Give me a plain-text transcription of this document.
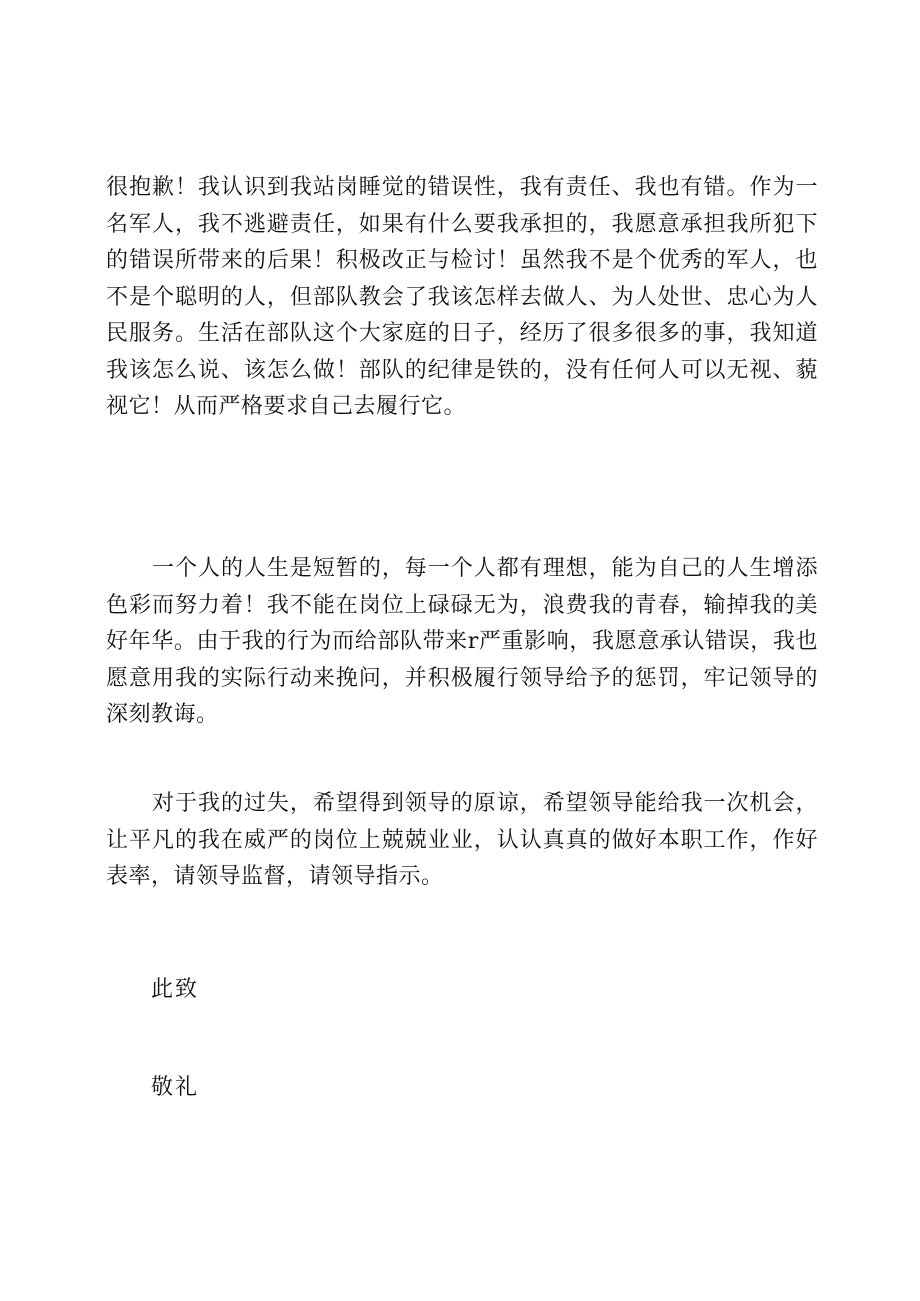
很抱歉！我认识到我站岗睡觉的错误性，我有责任、我也有错。作为一名军人，我不逃避责任，如果有什么要我承担的，我愿意承担我所犯下的错误所带来的后果！积极改正与检讨！虽然我不是个优秀的军人，也不是个聪明的人，但部队教会了我该怎样去做人、为人处世、忠心为人民服务。生活在部队这个大家庭的日子，经历了很多很多的事，我知道我该怎么说、该怎么做！部队的纪律是铁的，没有任何人可以无视、藐视它！从而严格要求自己去履行它。

一个人的人生是短暂的，每一个人都有理想，能为自己的人生增添色彩而努力着！我不能在岗位上碌碌无为，浪费我的青春，输掉我的美好年华。由于我的行为而给部队带来r严重影响，我愿意承认错误，我也愿意用我的实际行动来挽问，并积极履行领导给予的惩罚，牢记领导的深刻教诲。

对于我的过失，希望得到领导的原谅，希望领导能给我一次机会，让平凡的我在威严的岗位上兢兢业业，认认真真的做好本职工作，作好表率，请领导监督，请领导指示。

此致

敬礼
